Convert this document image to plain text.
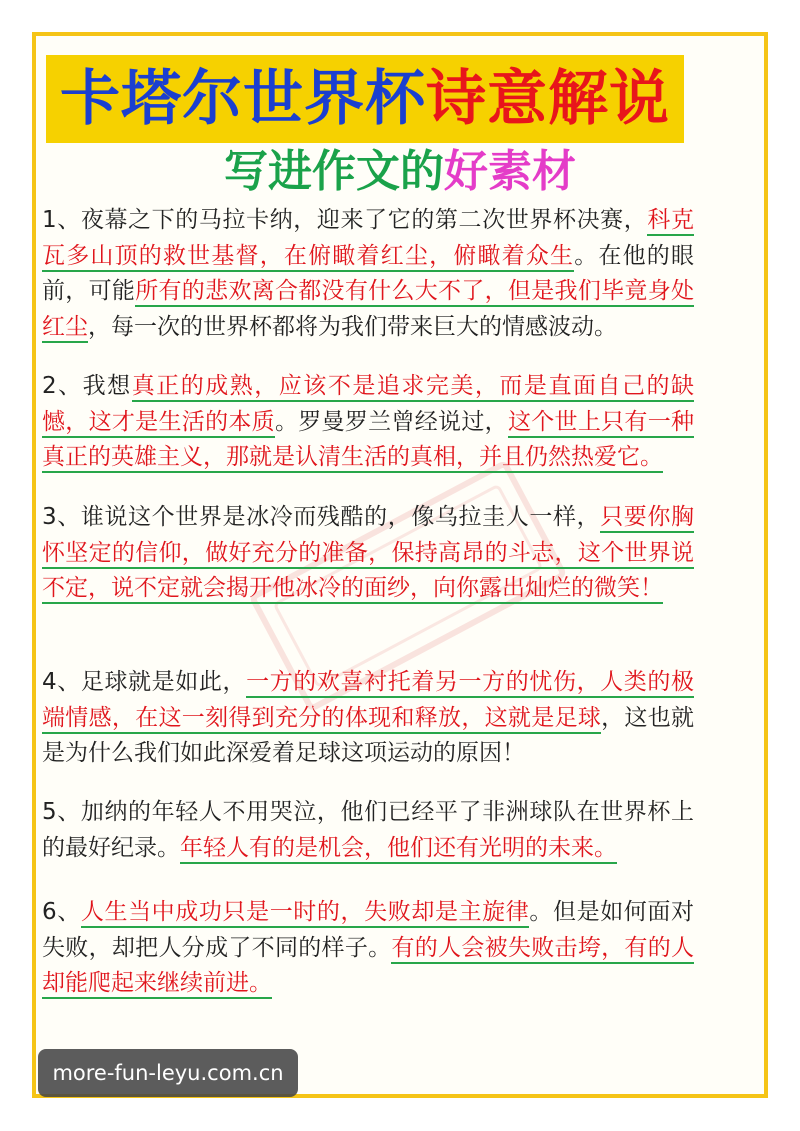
卡塔尔世界杯 诗意解说
写进作文的好素材
1、夜幕之下的马拉卡纳，迎来了它的第二次世界杯决赛，科克瓦多山顶的救世基督，在俯瞰着红尘，俯瞰着众生。在他的眼前，可能所有的悲欢离合都没有什么大不了，但是我们毕竟身处红尘，每一次的世界杯都将为我们带来巨大的情感波动。
2、我想真正的成熟，应该不是追求完美，而是直面自己的缺憾，这才是生活的本质。罗曼罗兰曾经说过，这个世上只有一种真正的英雄主义，那就是认清生活的真相，并且仍然热爱它。
3、谁说这个世界是冰冷而残酷的，像乌拉圭人一样，只要你胸怀坚定的信仰，做好充分的准备，保持高昂的斗志，这个世界说不定，说不定就会揭开他冰冷的面纱，向你露出灿烂的微笑！
4、足球就是如此，一方的欢喜衬托着另一方的忧伤，人类的极端情感，在这一刻得到充分的体现和释放，这就是足球，这也就是为什么我们如此深爱着足球这项运动的原因！
5、加纳的年轻人不用哭泣，他们已经平了非洲球队在世界杯上的最好纪录。年轻人有的是机会，他们还有光明的未来。
6、人生当中成功只是一时的，失败却是主旋律。但是如何面对失败，却把人分成了不同的样子。有的人会被失败击垮，有的人却能爬起来继续前进。
more-fun-leyu.com.cn
